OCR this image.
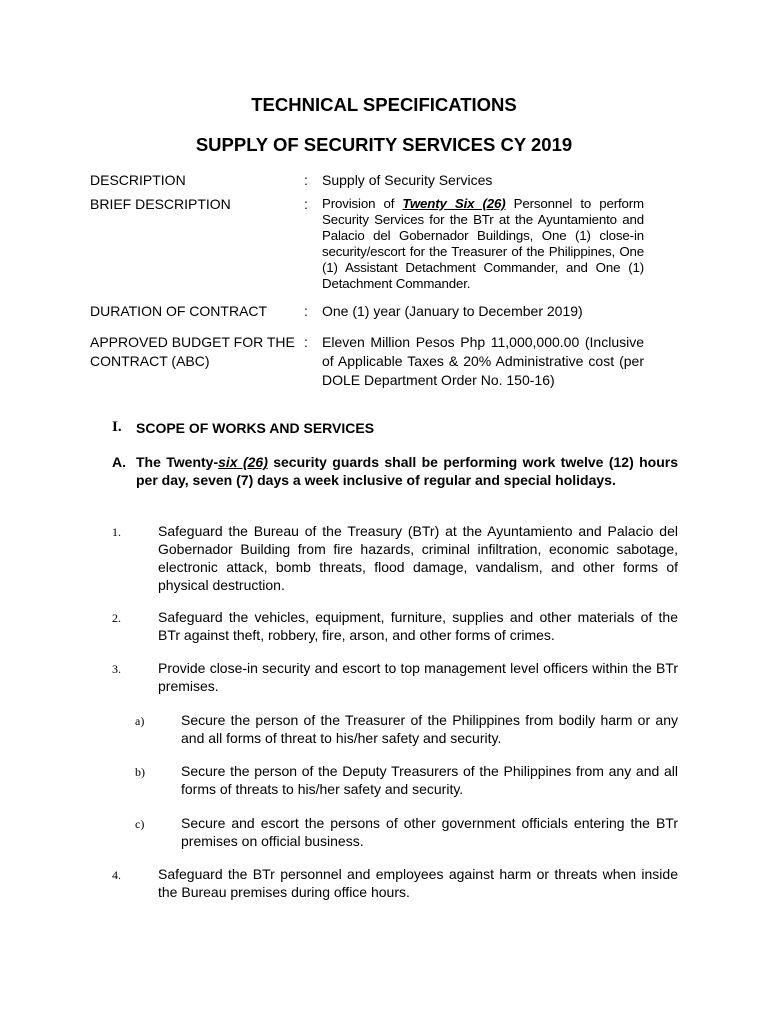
TECHNICAL SPECIFICATIONS
SUPPLY OF SECURITY SERVICES CY 2019
DESCRIPTION	: Supply of Security Services
BRIEF DESCRIPTION	: Provision of Twenty Six (26) Personnel to perform Security Services for the BTr at the Ayuntamiento and Palacio del Gobernador Buildings, One (1) close-in security/escort for the Treasurer of the Philippines, One (1) Assistant Detachment Commander, and One (1) Detachment Commander.
DURATION OF CONTRACT	: One (1) year (January to December 2019)
APPROVED BUDGET FOR THE CONTRACT (ABC)
: Eleven Million Pesos Php 11,000,000.00 (Inclusive of Applicable Taxes & 20% Administrative cost (per DOLE Department Order No. 150-16)
I. SCOPE OF WORKS AND SERVICES
A. The Twenty-six (26) security guards shall be performing work twelve (12) hours per day, seven (7) days a week inclusive of regular and special holidays.
1.	Safeguard the Bureau of the Treasury (BTr) at the Ayuntamiento and Palacio del Gobernador Building from fire hazards, criminal infiltration, economic sabotage, electronic attack, bomb threats, flood damage, vandalism, and other forms of physical destruction.
2.	Safeguard the vehicles, equipment, furniture, supplies and other materials of the BTr against theft, robbery, fire, arson, and other forms of crimes.
3.	Provide close-in security and escort to top management level officers within the BTr premises.
a)	Secure the person of the Treasurer of the Philippines from bodily harm or any and all forms of threat to his/her safety and security.
b)	Secure the person of the Deputy Treasurers of the Philippines from any and all forms of threats to his/her safety and security.
c)	Secure and escort the persons of other government officials entering the BTr premises on official business.
4.	Safeguard the BTr personnel and employees against harm or threats when inside the Bureau premises during office hours.
